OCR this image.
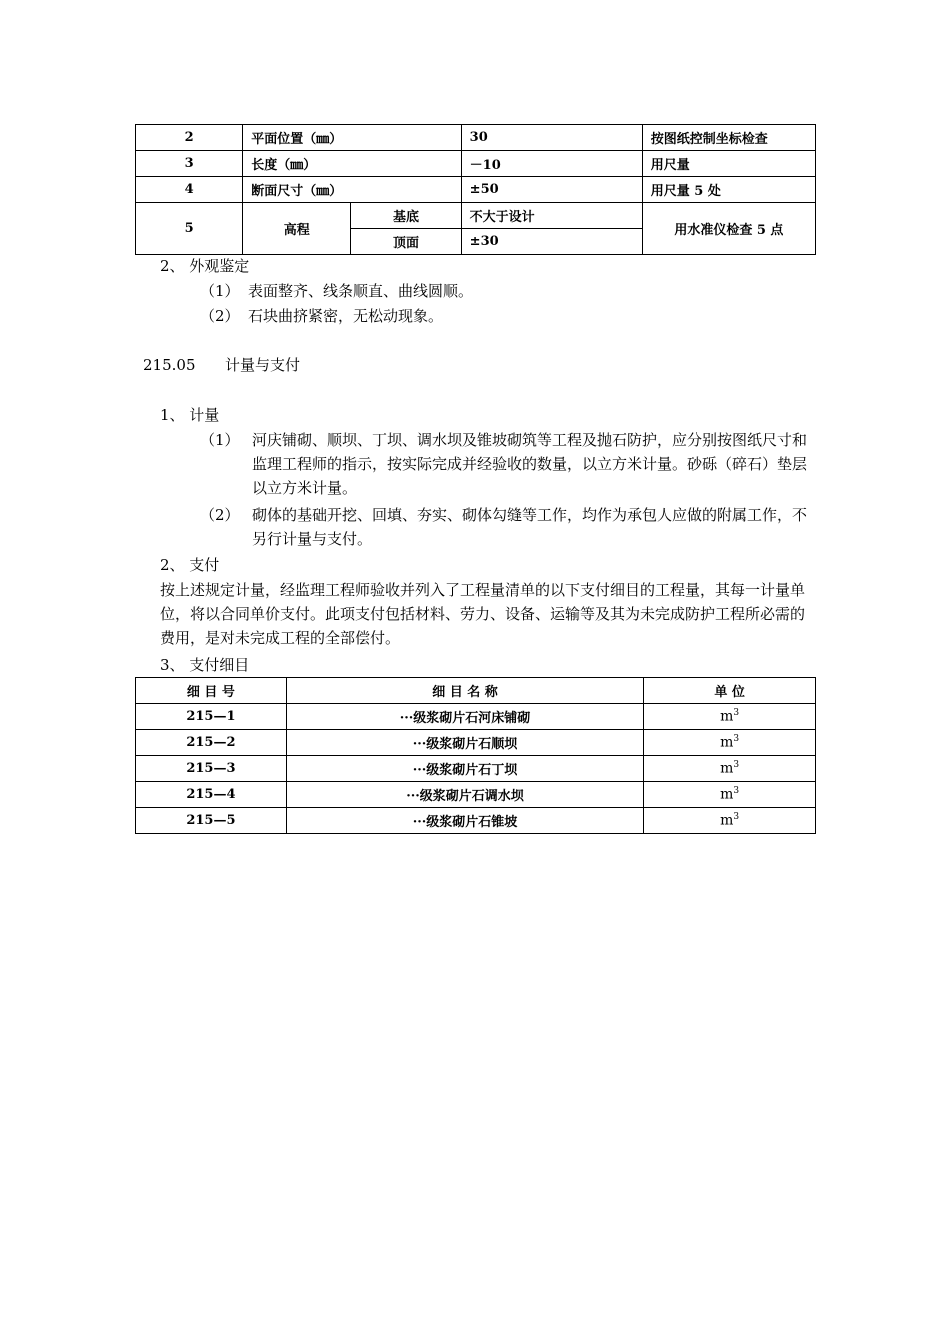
2	平面位置（㎜）		30	按图纸控制坐标检查
3	长度（㎜）		－10	用尺量
4	断面尺寸（㎜）		±50	用尺量 5 处
5	高程	基底	不大于设计	用水准仪检查 5 点
		顶面	±30	
2、 外观鉴定
（1） 表面整齐、线条顺直、曲线圆顺。
（2） 石块曲挤紧密，无松动现象。
215.05 计量与支付
1、 计量
（1） 河庆铺砌、顺坝、丁坝、调水坝及锥坡砌筑等工程及抛石防护，应分别按图纸尺寸和监理工程师的指示，按实际完成并经验收的数量，以立方米计量。砂砾（碎石）垫层以立方米计量。
（2） 砌体的基础开挖、回填、夯实、砌体勾缝等工作，均作为承包人应做的附属工作，不另行计量与支付。
2、 支付
按上述规定计量，经监理工程师验收并列入了工程量清单的以下支付细目的工程量，其每一计量单位，将以合同单价支付。此项支付包括材料、劳力、设备、运输等及其为未完成防护工程所必需的费用，是对未完成工程的全部偿付。
3、 支付细目
细 目 号	细 目 名 称	单 位
215—1	···级浆砌片石河床铺砌	$m^3$
215—2	···级浆砌片石顺坝	$m^3$
215—3	···级浆砌片石丁坝	$m^3$
215—4	···级浆砌片石调水坝	$m^3$
215—5	···级浆砌片石锥坡	$m^3$
